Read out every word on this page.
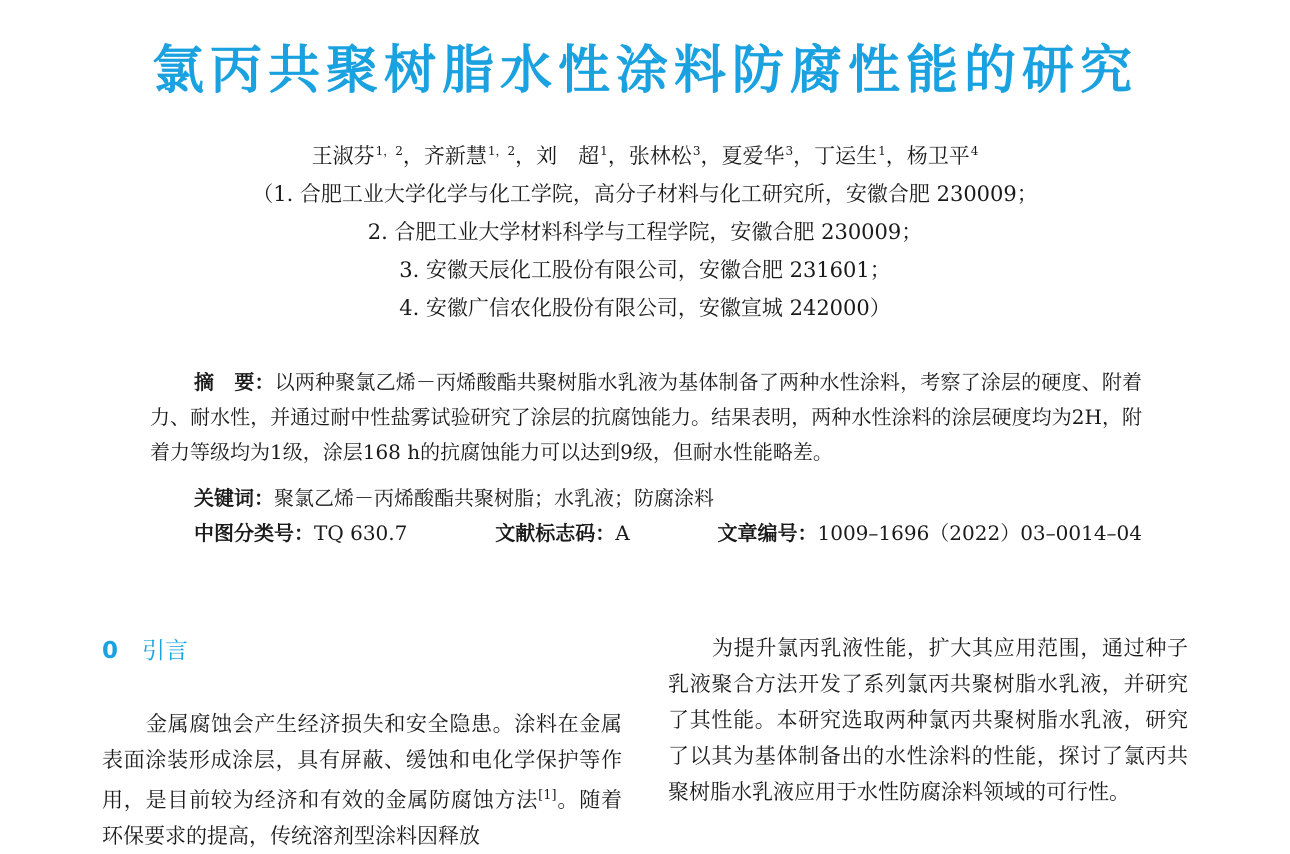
氯丙共聚树脂水性涂料防腐性能的研究

王淑芬$^{1,2}$，齐新慧$^{1,2}$，刘　超$^1$，张林松$^3$，夏爱华$^3$，丁运生$^1$，杨卫平$^4$

（1. 合肥工业大学化学与化工学院，高分子材料与化工研究所，安徽合肥 230009；

2. 合肥工业大学材料科学与工程学院，安徽合肥 230009；

3. 安徽天辰化工股份有限公司，安徽合肥 231601；

4. 安徽广信农化股份有限公司，安徽宣城 242000）

摘　要：以两种聚氯乙烯－丙烯酸酯共聚树脂水乳液为基体制备了两种水性涂料，考察了涂层的硬度、附着力、耐水性，并通过耐中性盐雾试验研究了涂层的抗腐蚀能力。结果表明，两种水性涂料的涂层硬度均为2H，附着力等级均为1级，涂层168 h的抗腐蚀能力可以达到9级，但耐水性能略差。

关键词：聚氯乙烯－丙烯酸酯共聚树脂；水乳液；防腐涂料

中图分类号：TQ 630.7	文献标志码：A	文章编号：1009–1696（2022）03–0014–04
0 引言

金属腐蚀会产生经济损失和安全隐患。涂料在金属表面涂装形成涂层，具有屏蔽、缓蚀和电化学保护等作用，是目前较为经济和有效的金属防腐蚀方法[1]。随着环保要求的提高，传统溶剂型涂料因释放

为提升氯丙乳液性能，扩大其应用范围，通过种子乳液聚合方法开发了系列氯丙共聚树脂水乳液，并研究了其性能。本研究选取两种氯丙共聚树脂水乳液，研究了以其为基体制备出的水性涂料的性能，探讨了氯丙共聚树脂水乳液应用于水性防腐涂料领域的可行性。
